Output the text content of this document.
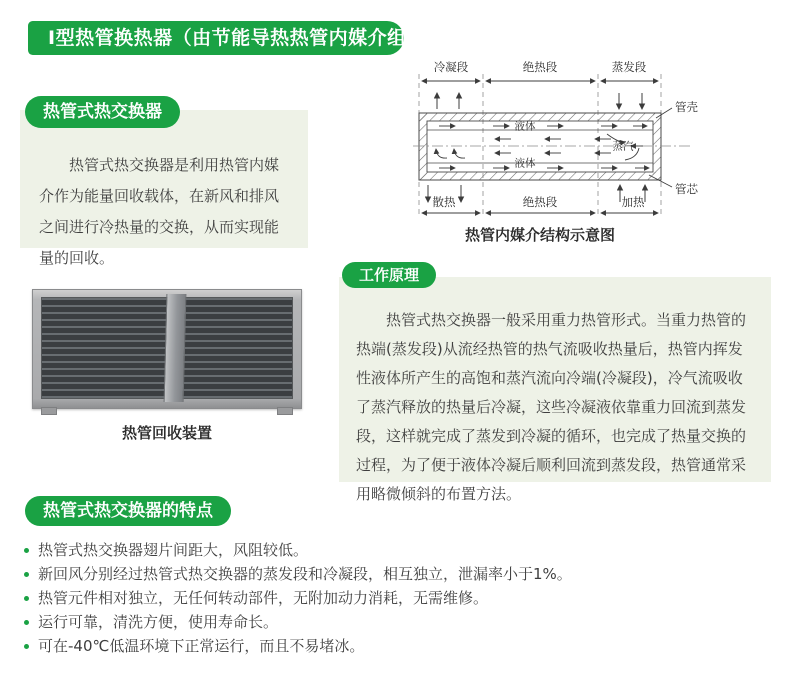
Ⅰ型热管换热器（由节能导热热管内媒介组成）
热管式热交换器

热管式热交换器是利用热管内媒介作为能量回收载体，在新风和排风之间进行冷热量的交换，从而实现能量的回收。

冷凝段	绝热段	蒸发段
液体
蒸汽
液体
散热	绝热段	加热
管壳
管芯
热管内媒介结构示意图
热管回收装置
工作原理

热管式热交换器一般采用重力热管形式。当重力热管的热端(蒸发段)从流经热管的热气流吸收热量后，热管内挥发性液体所产生的高饱和蒸汽流向冷端(冷凝段)，冷气流吸收了蒸汽释放的热量后冷凝，这些冷凝液依靠重力回流到蒸发段，这样就完成了蒸发到冷凝的循环，也完成了热量交换的过程，为了便于液体冷凝后顺利回流到蒸发段，热管通常采用略微倾斜的布置方法。

热管式热交换器的特点
热管式热交换器翅片间距大，风阻较低。
新回风分别经过热管式热交换器的蒸发段和冷凝段，相互独立，泄漏率小于1%。
热管元件相对独立，无任何转动部件，无附加动力消耗，无需维修。
运行可靠，清洗方便，使用寿命长。
可在-40℃低温环境下正常运行，而且不易堵冰。
